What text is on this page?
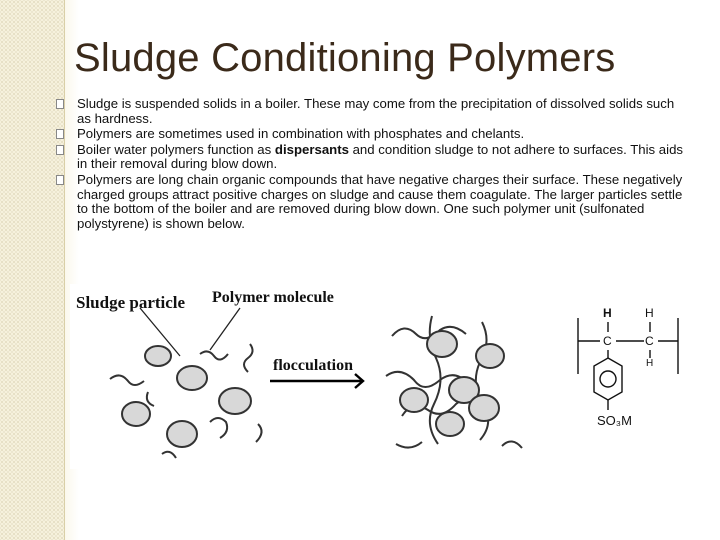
Sludge Conditioning Polymers
Sludge is suspended solids in a boiler. These may come from the precipitation of dissolved solids such as hardness.
Polymers are sometimes used in combination with phosphates and chelants.
Boiler water polymers function as dispersants and condition sludge to not adhere to surfaces. This aids in their removal during blow down.
Polymers are long chain organic compounds that have negative charges their surface. These negatively charged groups attract positive charges on sludge and cause them coagulate. The larger particles settle to the bottom of the boiler and are removed during blow down. One such polymer unit (sulfonated polystyrene) is shown below.
Sludge particle Polymer molecule
flocculation
H	H
C	C
H
SO₃M
